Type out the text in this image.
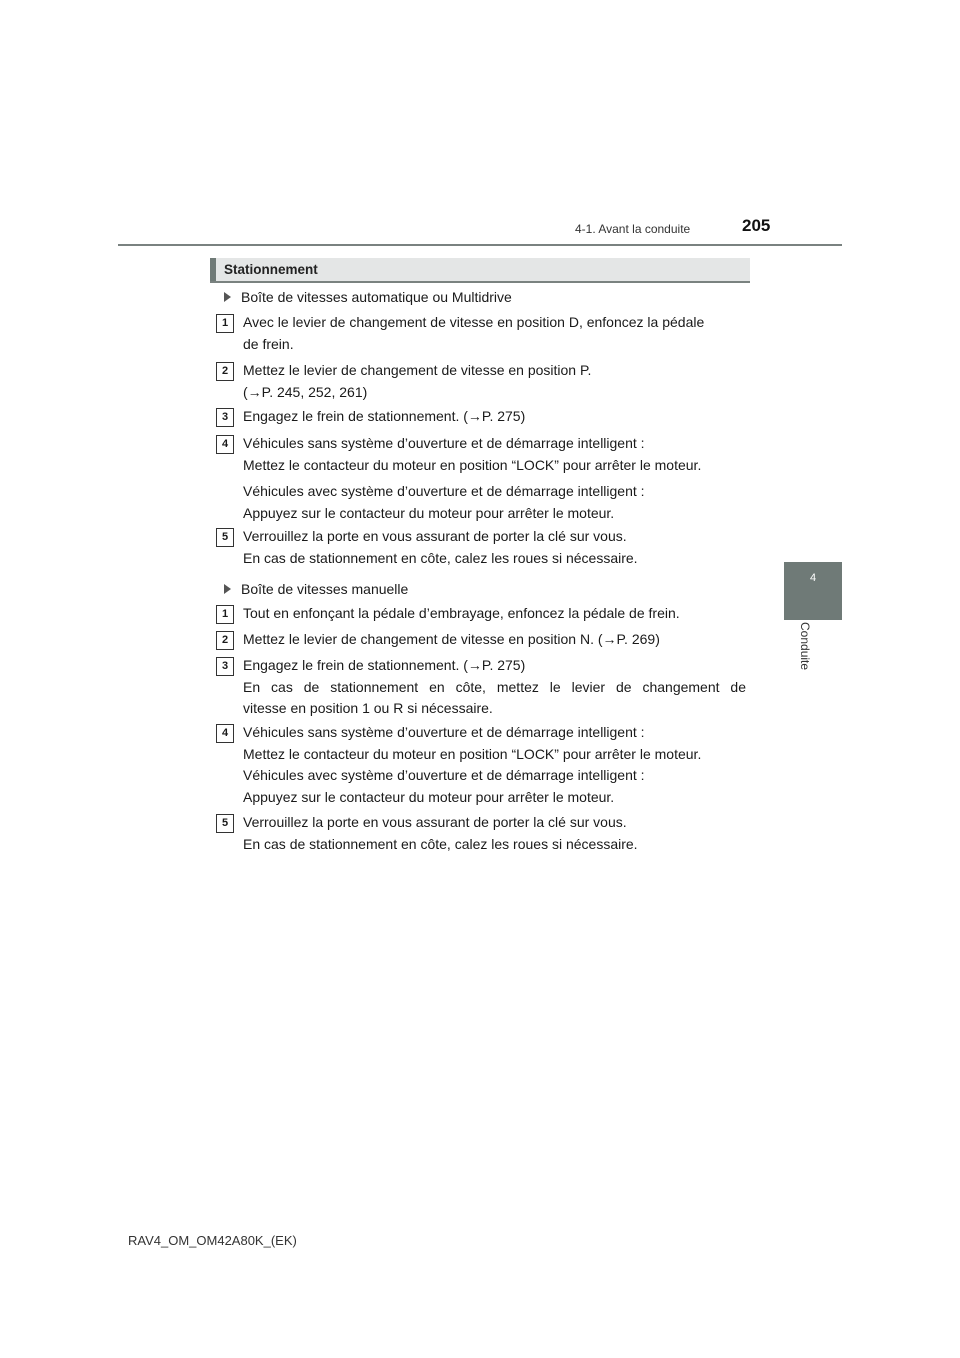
4-1. Avant la conduite	205
4
Conduite
Stationnement
Boîte de vitesses automatique ou Multidrive
1	Avec le levier de changement de vitesse en position D, enfoncez la pédale
de frein.
2	Mettez le levier de changement de vitesse en position P.
(→P. 245, 252, 261)
3	Engagez le frein de stationnement. (→P. 275)
4	Véhicules sans système d’ouverture et de démarrage intelligent :
Mettez le contacteur du moteur en position “LOCK” pour arrêter le moteur.
Véhicules avec système d’ouverture et de démarrage intelligent :
Appuyez sur le contacteur du moteur pour arrêter le moteur.
5	Verrouillez la porte en vous assurant de porter la clé sur vous.
En cas de stationnement en côte, calez les roues si nécessaire.
Boîte de vitesses manuelle
1	Tout en enfonçant la pédale d’embrayage, enfoncez la pédale de frein.
2	Mettez le levier de changement de vitesse en position N. (→P. 269)
3	Engagez le frein de stationnement. (→P. 275)
En cas de stationnement en côte, mettez le levier de changement de
vitesse en position 1 ou R si nécessaire.
4	Véhicules sans système d’ouverture et de démarrage intelligent :
Mettez le contacteur du moteur en position “LOCK” pour arrêter le moteur.
Véhicules avec système d’ouverture et de démarrage intelligent :
Appuyez sur le contacteur du moteur pour arrêter le moteur.
5	Verrouillez la porte en vous assurant de porter la clé sur vous.
En cas de stationnement en côte, calez les roues si nécessaire.
RAV4_OM_OM42A80K_(EK)
